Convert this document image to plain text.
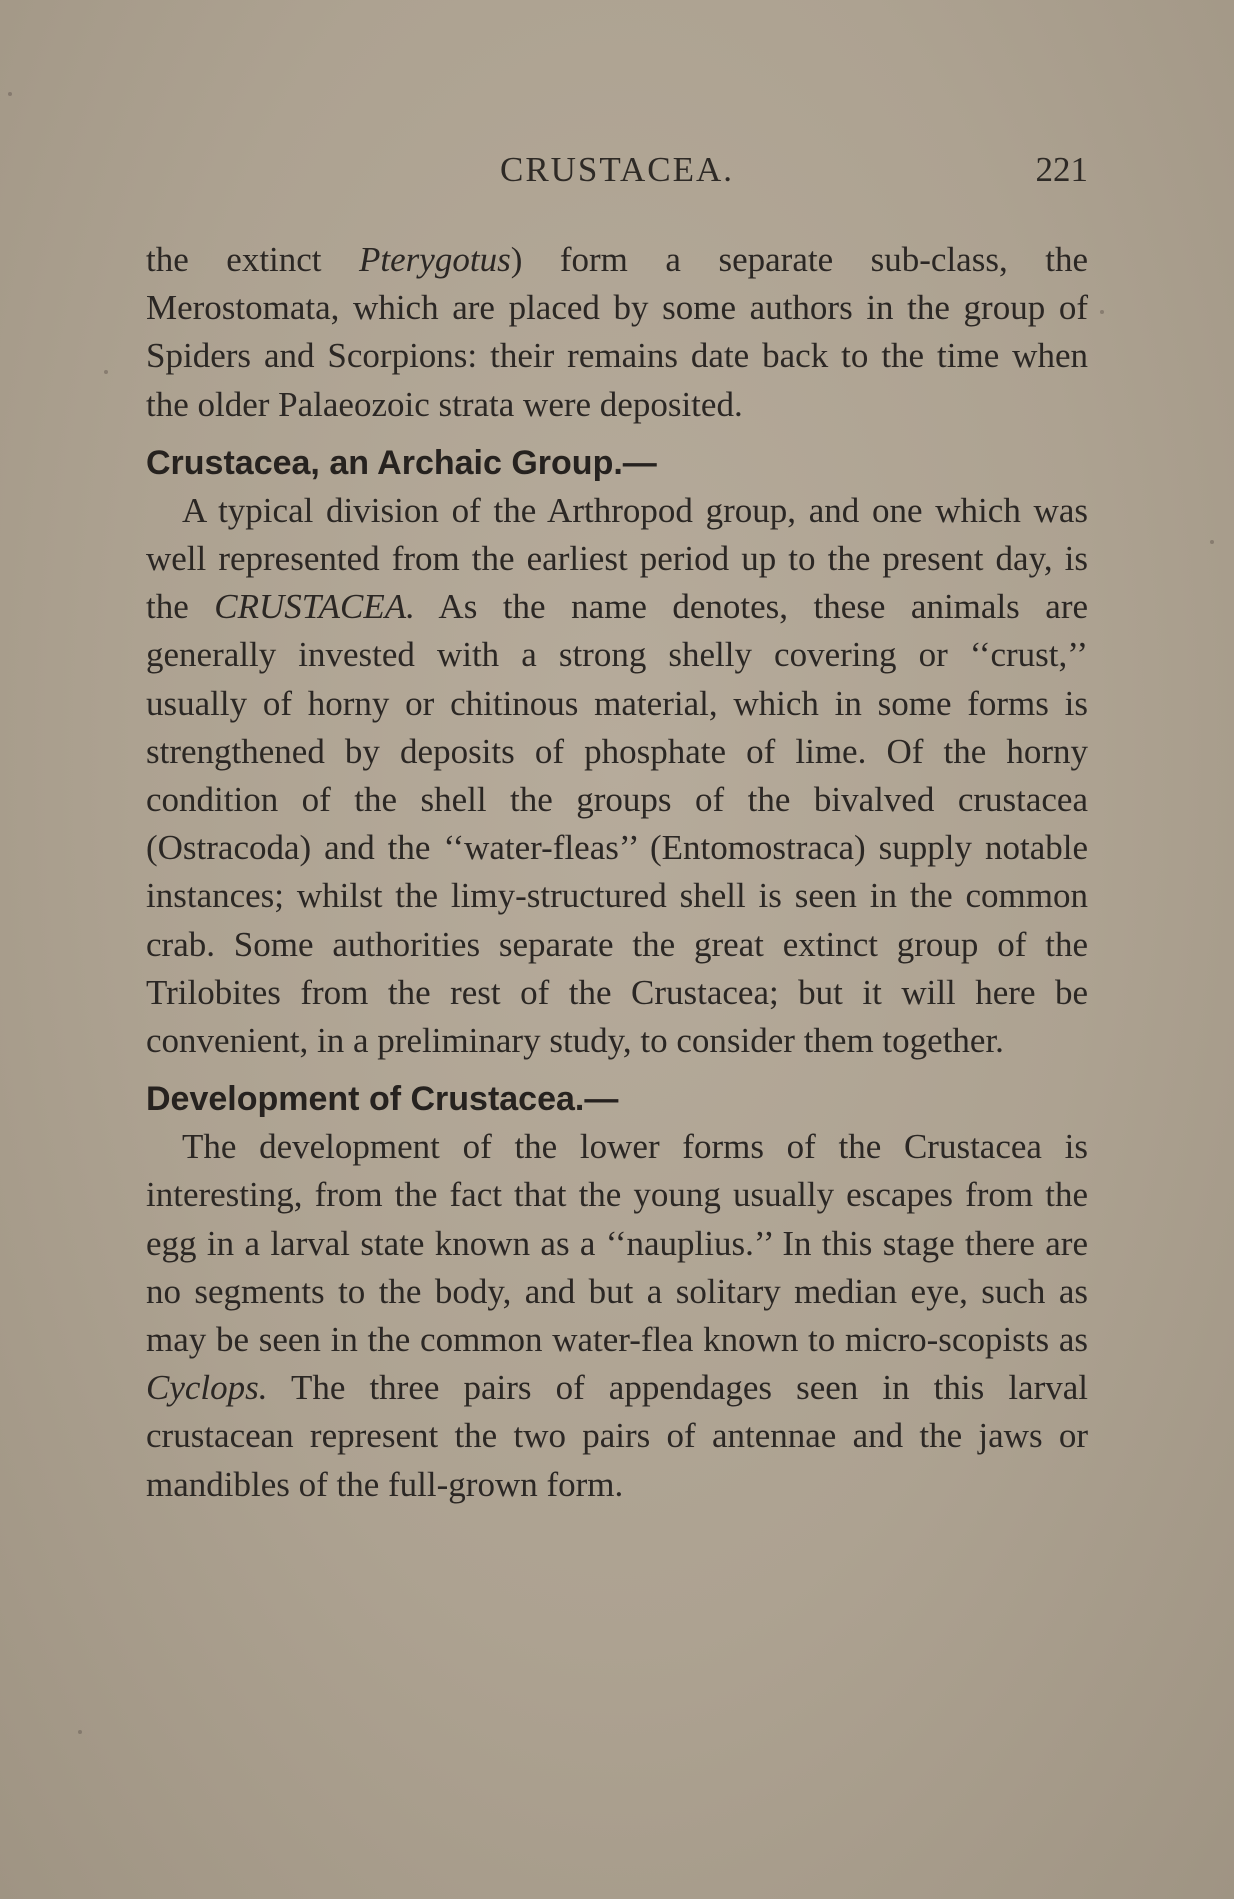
CRUSTACEA.	221

the extinct Pterygotus) form a separate sub-class, the Merostomata, which are placed by some authors in the group of Spiders and Scorpions: their remains date back to the time when the older Palaeozoic strata were deposited.

Crustacea, an Archaic Group.—

A typical division of the Arthropod group, and one which was well represented from the earliest period up to the present day, is the CRUSTACEA. As the name denotes, these animals are generally invested with a strong shelly covering or ‘‘crust,’’ usually of horny or chitinous material, which in some forms is strengthened by deposits of phosphate of lime. Of the horny condition of the shell the groups of the bivalved crustacea (Ostracoda) and the ‘‘water-fleas’’ (Entomostraca) supply notable instances; whilst the limy-structured shell is seen in the common crab. Some authorities separate the great extinct group of the Trilobites from the rest of the Crustacea; but it will here be convenient, in a preliminary study, to consider them together.

Development of Crustacea.—

The development of the lower forms of the Crustacea is interesting, from the fact that the young usually escapes from the egg in a larval state known as a ‘‘nauplius.’’ In this stage there are no segments to the body, and but a solitary median eye, such as may be seen in the common water-flea known to micro-scopists as Cyclops. The three pairs of appendages seen in this larval crustacean represent the two pairs of antennae and the jaws or mandibles of the full-grown form.
